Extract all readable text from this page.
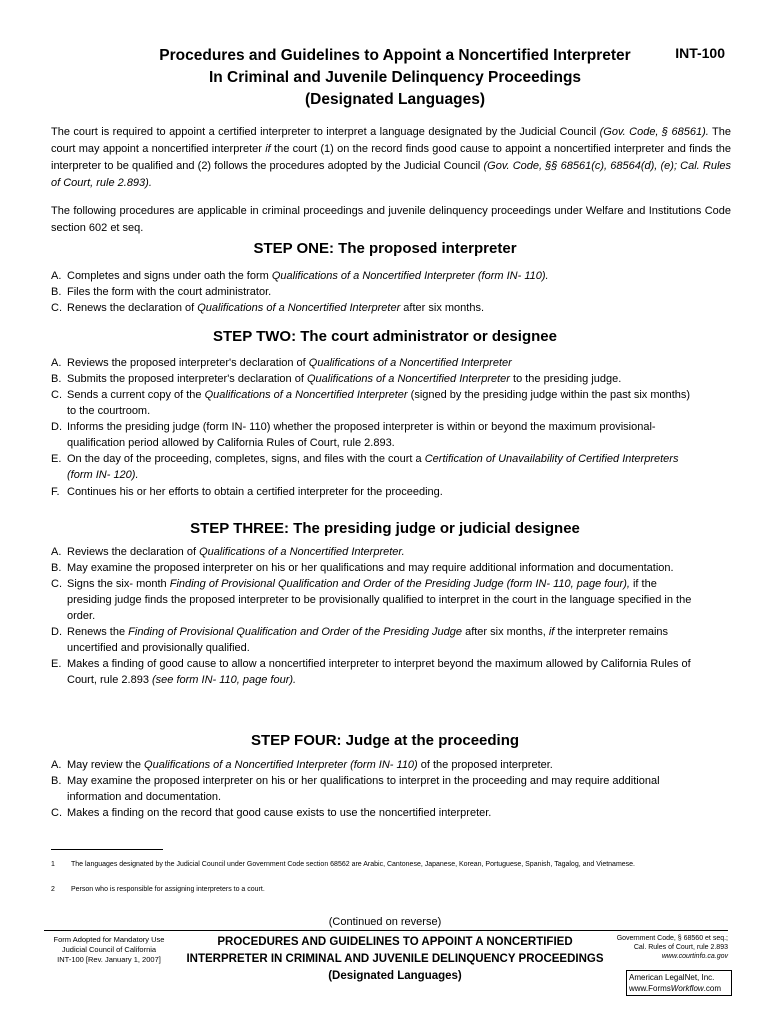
Procedures and Guidelines to Appoint a Noncertified Interpreter
In Criminal and Juvenile Delinquency Proceedings
(Designated Languages)
INT-100
The court is required to appoint a certified interpreter to interpret a language designated by the Judicial Council (Gov. Code, § 68561). The court may appoint a noncertified interpreter if the court (1) on the record finds good cause to appoint a noncertified interpreter and finds the interpreter to be qualified and (2) follows the procedures adopted by the Judicial Council (Gov. Code, §§ 68561(c), 68564(d), (e); Cal. Rules of Court, rule 2.893).
The following procedures are applicable in criminal proceedings and juvenile delinquency proceedings under Welfare and Institutions Code section 602 et seq.
STEP ONE: The proposed interpreter
A. Completes and signs under oath the form Qualifications of a Noncertified Interpreter (form IN- 110).
B. Files the form with the court administrator.
C. Renews the declaration of Qualifications of a Noncertified Interpreter after six months.
STEP TWO: The court administrator or designee
A. Reviews the proposed interpreter's declaration of Qualifications of a Noncertified Interpreter
B. Submits the proposed interpreter's declaration of Qualifications of a Noncertified Interpreter to the presiding judge.
C. Sends a current copy of the Qualifications of a Noncertified Interpreter (signed by the presiding judge within the past six months) to the courtroom.
D. Informs the presiding judge (form IN- 110) whether the proposed interpreter is within or beyond the maximum provisional-qualification period allowed by California Rules of Court, rule 2.893.
E. On the day of the proceeding, completes, signs, and files with the court a Certification of Unavailability of Certified Interpreters (form IN- 120).
F. Continues his or her efforts to obtain a certified interpreter for the proceeding.
STEP THREE: The presiding judge or judicial designee
A. Reviews the declaration of Qualifications of a Noncertified Interpreter.
B. May examine the proposed interpreter on his or her qualifications and may require additional information and documentation.
C. Signs the six- month Finding of Provisional Qualification and Order of the Presiding Judge (form IN- 110, page four), if the presiding judge finds the proposed interpreter to be provisionally qualified to interpret in the court in the language specified in the order.
D. Renews the Finding of Provisional Qualification and Order of the Presiding Judge after six months, if the interpreter remains uncertified and provisionally qualified.
E. Makes a finding of good cause to allow a noncertified interpreter to interpret beyond the maximum allowed by California Rules of Court, rule 2.893 (see form IN- 110, page four).
STEP FOUR: Judge at the proceeding
A. May review the Qualifications of a Noncertified Interpreter (form IN- 110) of the proposed interpreter.
B. May examine the proposed interpreter on his or her qualifications to interpret in the proceeding and may require additional information and documentation.
C. Makes a finding on the record that good cause exists to use the noncertified interpreter.
1	The languages designated by the Judicial Council under Government Code section 68562 are Arabic, Cantonese, Japanese, Korean, Portuguese, Spanish, Tagalog, and Vietnamese.
2	Person who is responsible for assigning interpreters to a court.
(Continued on reverse)
Form Adopted for Mandatory Use
Judicial Council of California
INT-100 [Rev. January 1, 2007]
PROCEDURES AND GUIDELINES TO APPOINT A NONCERTIFIED
INTERPRETER IN CRIMINAL AND JUVENILE DELINQUENCY PROCEEDINGS
(Designated Languages)
Government Code, § 68560 et seq.;
Cal. Rules of Court, rule 2.893
www.courtinfo.ca.gov
American LegalNet, Inc.
www.FormsWorkflow.com
